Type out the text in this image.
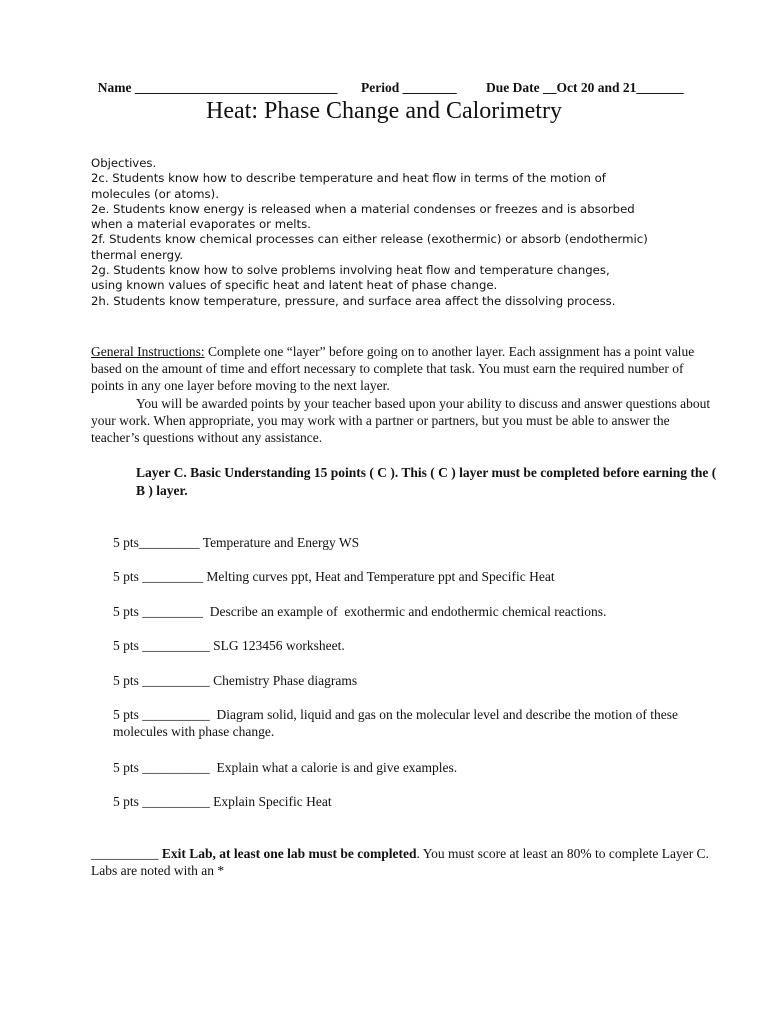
Name ______________________________ Period ________ Due Date __Oct 20 and 21_______

Heat: Phase Change and Calorimetry
Objectives.
2c. Students know how to describe temperature and heat flow in terms of the motion of
molecules (or atoms).
2e. Students know energy is released when a material condenses or freezes and is absorbed
when a material evaporates or melts.
2f. Students know chemical processes can either release (exothermic) or absorb (endothermic)
thermal energy.
2g. Students know how to solve problems involving heat flow and temperature changes,
using known values of specific heat and latent heat of phase change.
2h. Students know temperature, pressure, and surface area affect the dissolving process.

General Instructions: Complete one “layer” before going on to another layer. Each assignment has a point value based on the amount of time and effort necessary to complete that task. You must earn the required number of points in any one layer before moving to the next layer.

You will be awarded points by your teacher based upon your ability to discuss and answer questions about your work. When appropriate, you may work with a partner or partners, but you must be able to answer the teacher’s questions without any assistance.

Layer C. Basic Understanding 15 points ( C ). This ( C ) layer must be completed before earning the ( B ) layer.
5 pts_________ Temperature and Energy WS
5 pts _________ Melting curves ppt, Heat and Temperature ppt and Specific Heat
5 pts _________  Describe an example of  exothermic and endothermic chemical reactions.
5 pts __________ SLG 123456 worksheet.
5 pts __________ Chemistry Phase diagrams
5 pts __________  Diagram solid, liquid and gas on the molecular level and describe the motion of these molecules with phase change.
5 pts __________  Explain what a calorie is and give examples.
5 pts __________ Explain Specific Heat
__________ Exit Lab, at least one lab must be completed. You must score at least an 80% to complete Layer C. Labs are noted with an *
